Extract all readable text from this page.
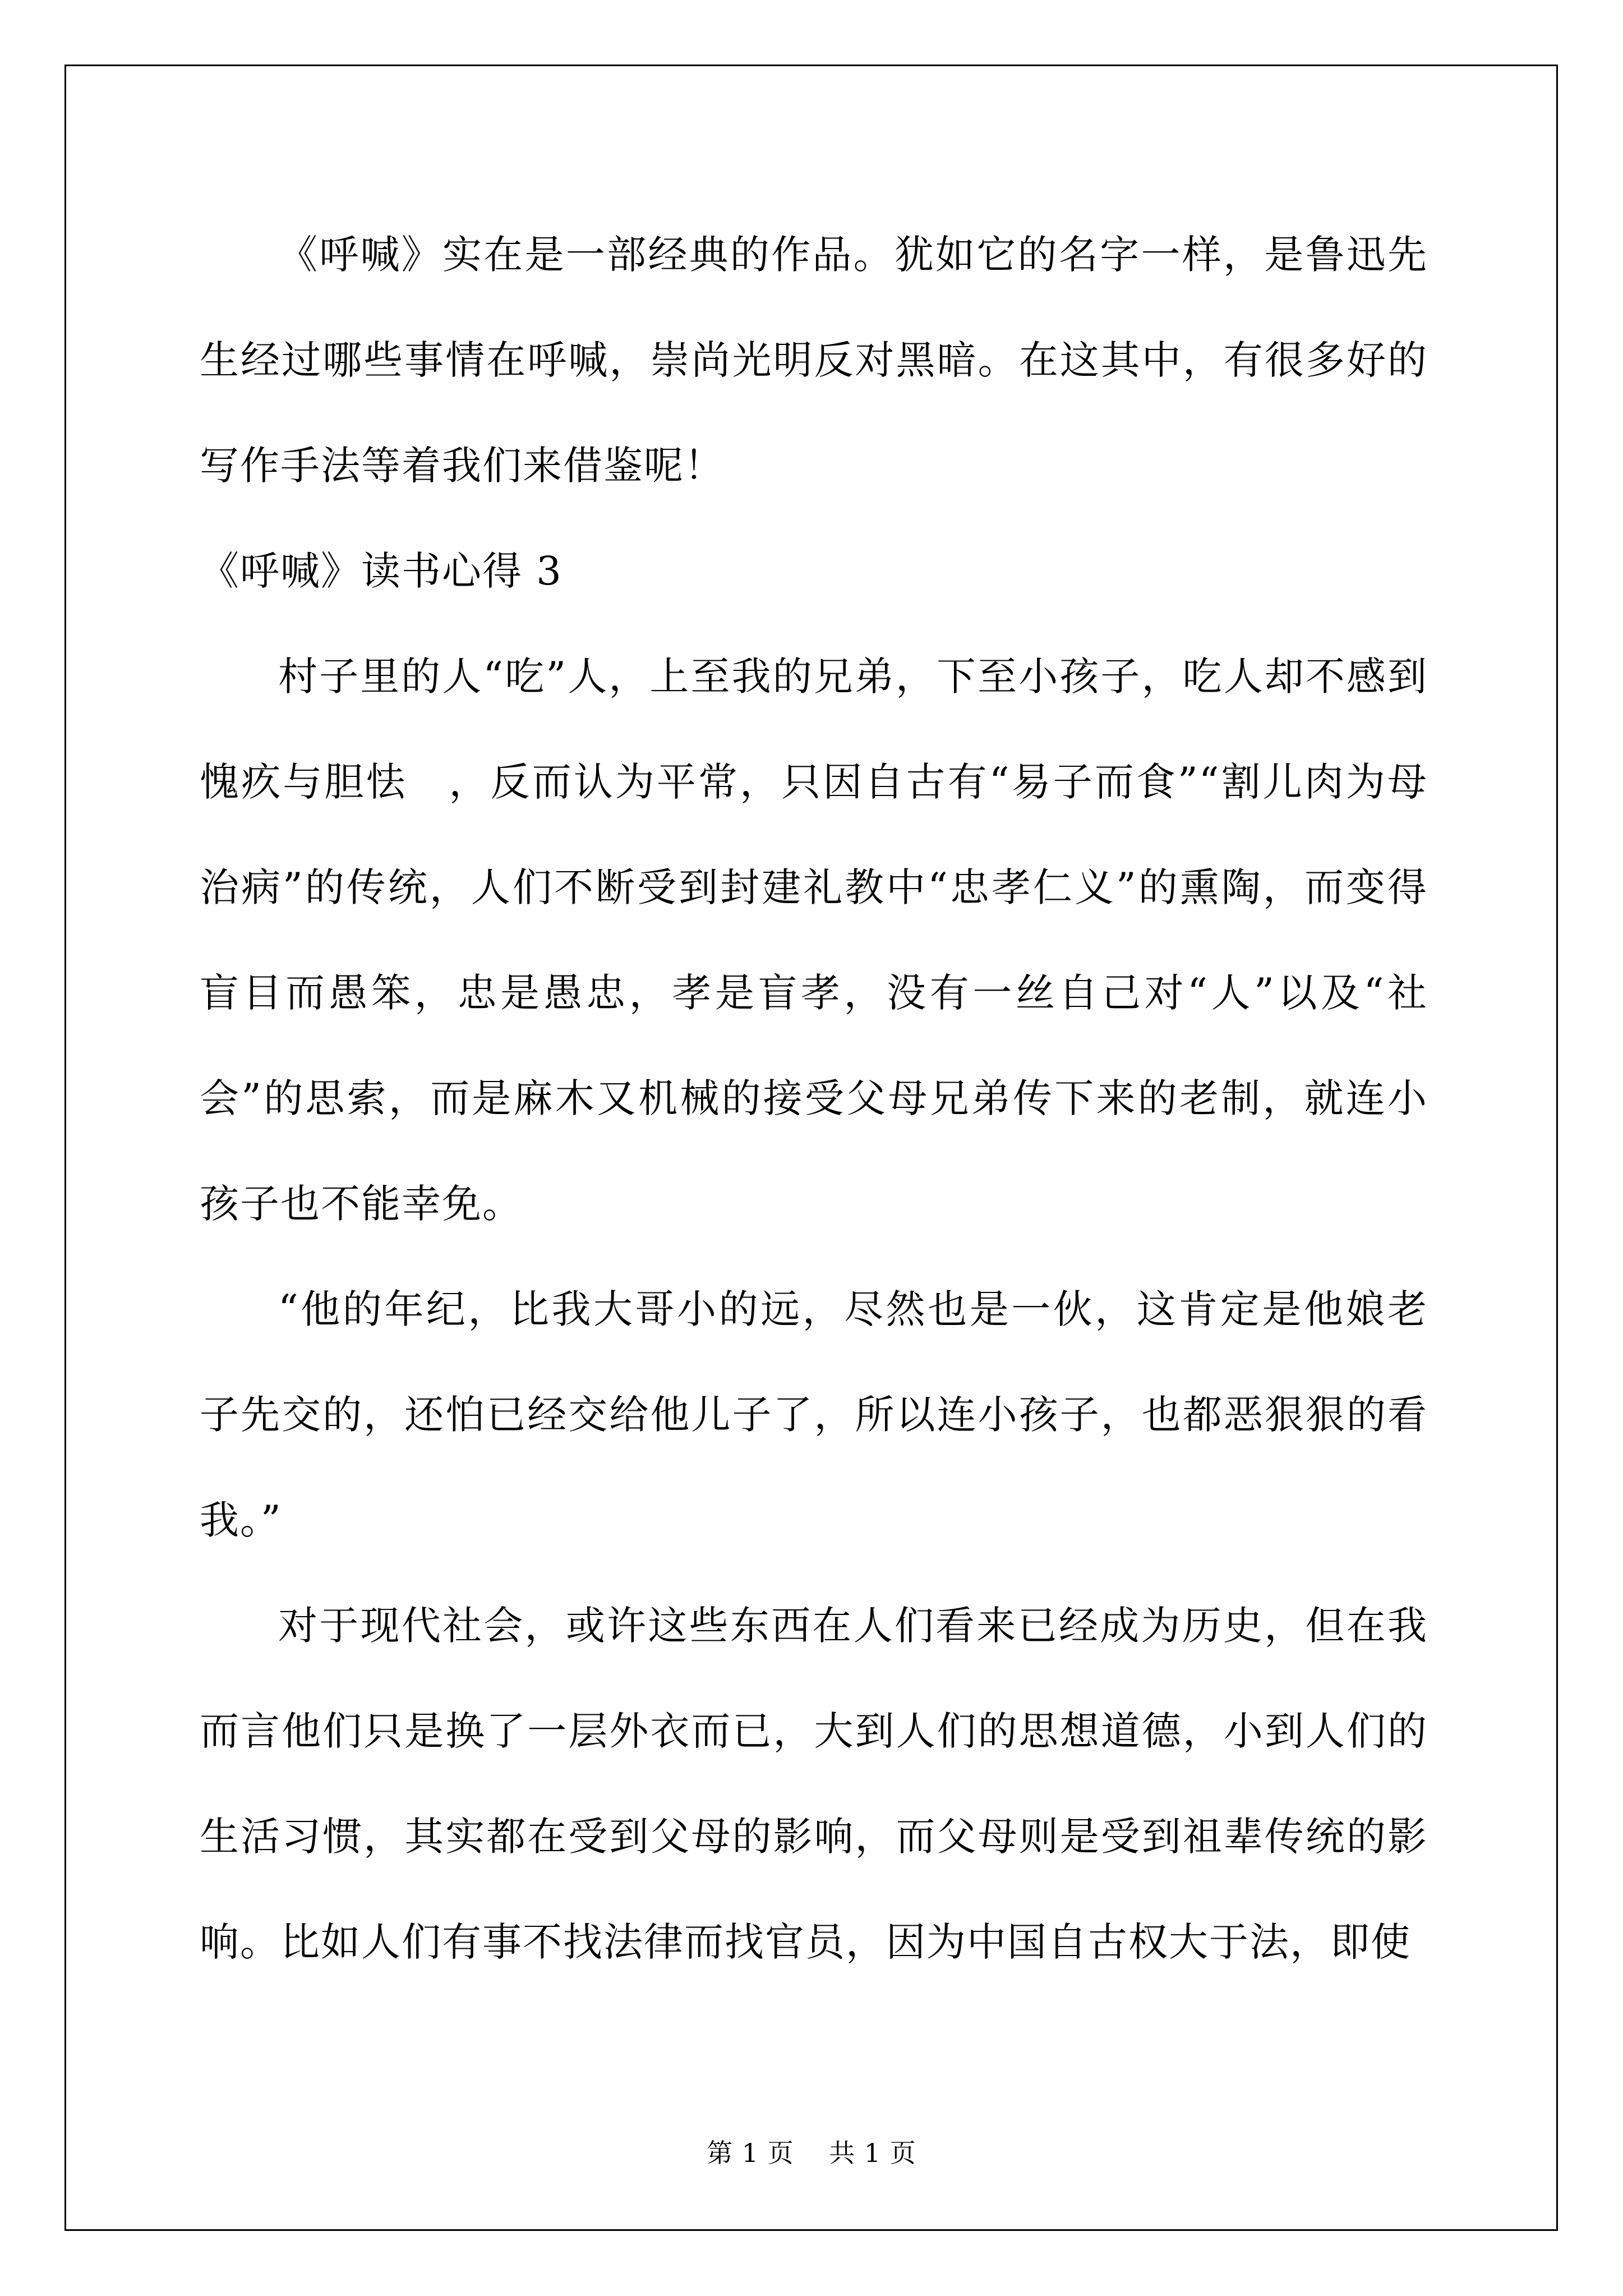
《呼喊》实在是一部经典的作品。犹如它的名字一样，是鲁迅先生经过哪些事情在呼喊，崇尚光明反对黑暗。在这其中，有很多好的写作手法等着我们来借鉴呢！

《呼喊》读书心得 3

村子里的人“吃”人，上至我的兄弟，下至小孩子，吃人却不感到愧疚与胆怯　，反而认为平常，只因自古有“易子而食”“割儿肉为母治病”的传统，人们不断受到封建礼教中“忠孝仁义”的熏陶，而变得盲目而愚笨，忠是愚忠，孝是盲孝，没有一丝自己对“人”以及“社会”的思索，而是麻木又机械的接受父母兄弟传下来的老制，就连小孩子也不能幸免。

“他的年纪，比我大哥小的远，尽然也是一伙，这肯定是他娘老子先交的，还怕已经交给他儿子了，所以连小孩子，也都恶狠狠的看我。”

对于现代社会，或许这些东西在人们看来已经成为历史，但在我而言他们只是换了一层外衣而已，大到人们的思想道德，小到人们的生活习惯，其实都在受到父母的影响，而父母则是受到祖辈传统的影响。比如人们有事不找法律而找官员，因为中国自古权大于法，即使

第 1 页 共 1 页
